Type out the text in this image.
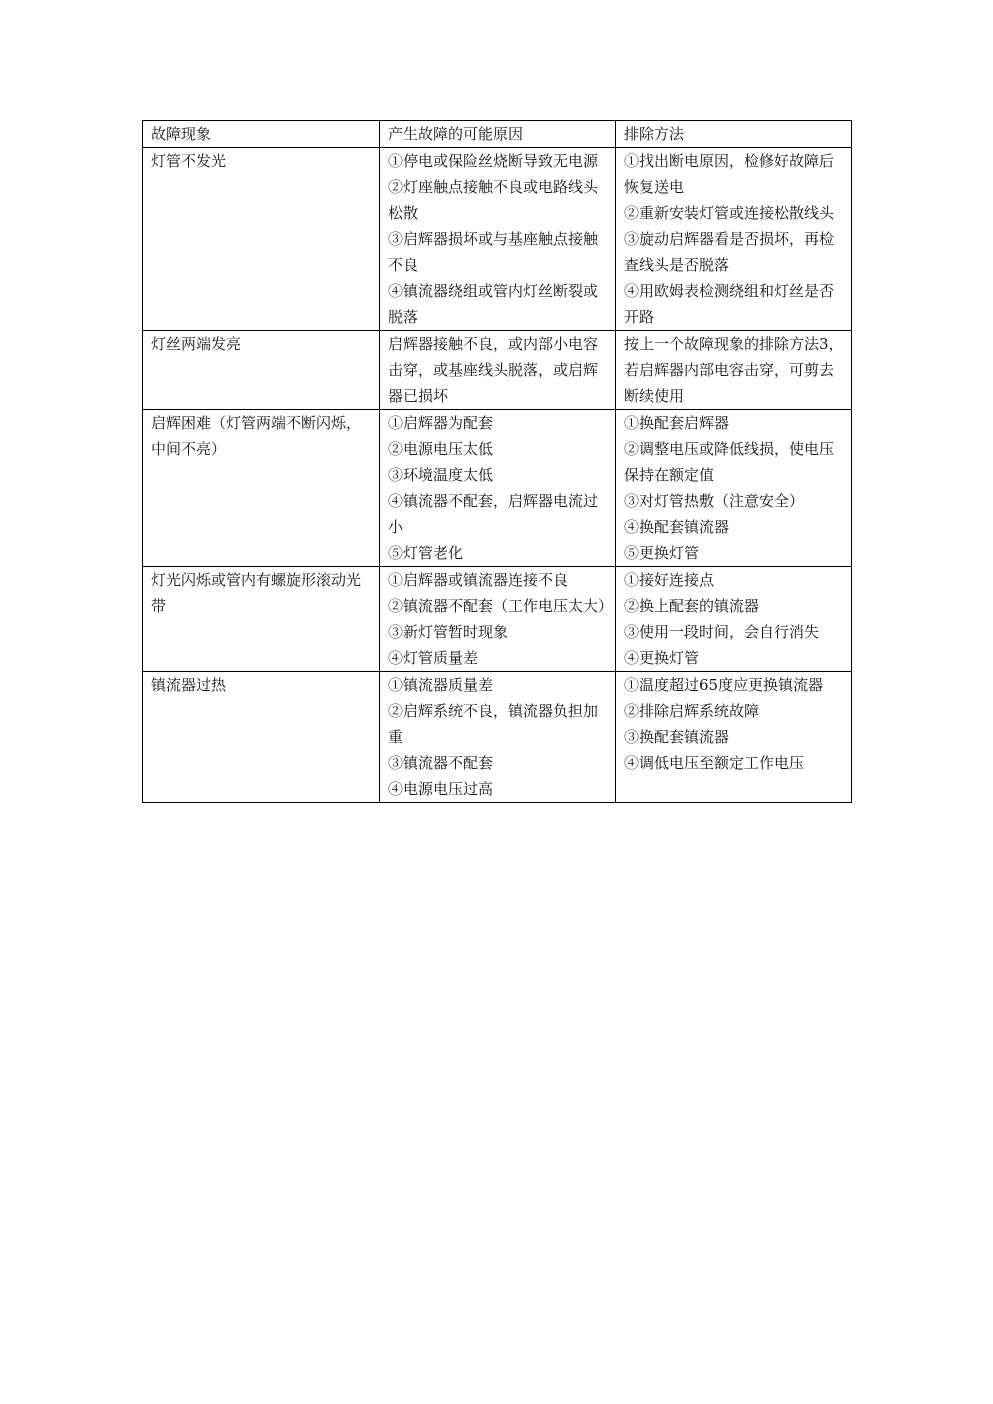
故障现象	产生故障的可能原因	排除方法

灯管不发光	①停电或保险丝烧断导致无电源
②灯座触点接触不良或电路线头松散
③启辉器损坏或与基座触点接触不良
④镇流器绕组或管内灯丝断裂或脱落	①找出断电原因，检修好故障后恢复送电
②重新安装灯管或连接松散线头
③旋动启辉器看是否损坏，再检查线头是否脱落
④用欧姆表检测绕组和灯丝是否开路

灯丝两端发亮	启辉器接触不良，或内部小电容击穿，或基座线头脱落，或启辉器已损坏	按上一个故障现象的排除方法3，若启辉器内部电容击穿，可剪去断续使用

启辉困难（灯管两端不断闪烁，中间不亮）	①启辉器为配套
②电源电压太低
③环境温度太低
④镇流器不配套，启辉器电流过小
⑤灯管老化	①换配套启辉器
②调整电压或降低线损，使电压保持在额定值
③对灯管热敷（注意安全）
④换配套镇流器
⑤更换灯管

灯光闪烁或管内有螺旋形滚动光带	①启辉器或镇流器连接不良
②镇流器不配套（工作电压太大）
③新灯管暂时现象
④灯管质量差	①接好连接点
②换上配套的镇流器
③使用一段时间，会自行消失
④更换灯管

镇流器过热	①镇流器质量差
②启辉系统不良，镇流器负担加重
③镇流器不配套
④电源电压过高	①温度超过65度应更换镇流器
②排除启辉系统故障
③换配套镇流器
④调低电压至额定工作电压
